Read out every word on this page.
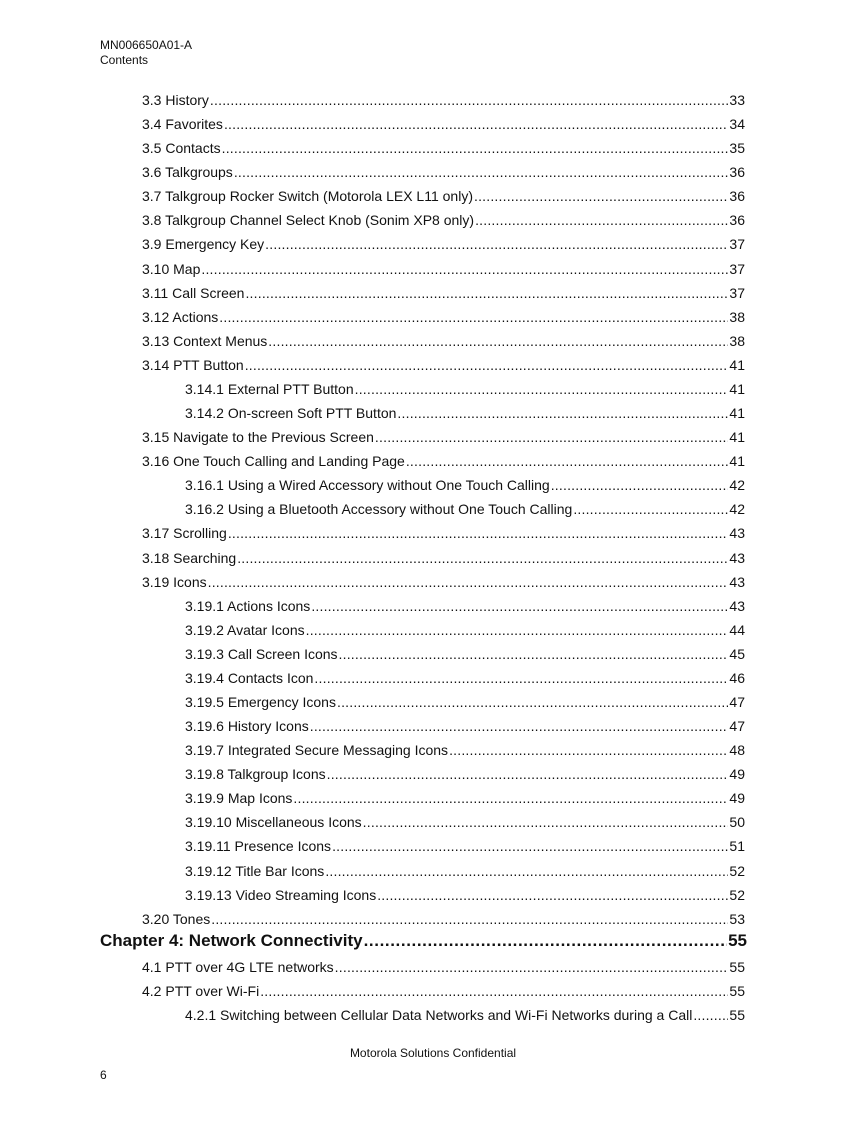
MN006650A01-A
Contents
3.3 History .....	33
3.4 Favorites .....	34
3.5 Contacts .....	35
3.6 Talkgroups .....	36
3.7 Talkgroup Rocker Switch (Motorola LEX L11 only) .....	36
3.8 Talkgroup Channel Select Knob (Sonim XP8 only) .....	36
3.9 Emergency Key .....	37
3.10 Map .....	37
3.11 Call Screen .....	37
3.12 Actions .....	38
3.13 Context Menus .....	38
3.14 PTT Button .....	41
3.14.1 External PTT Button .....	41
3.14.2 On-screen Soft PTT Button .....	41
3.15 Navigate to the Previous Screen .....	41
3.16 One Touch Calling and Landing Page .....	41
3.16.1 Using a Wired Accessory without One Touch Calling .....	42
3.16.2 Using a Bluetooth Accessory without One Touch Calling .....	42
3.17 Scrolling .....	43
3.18 Searching .....	43
3.19 Icons .....	43
3.19.1 Actions Icons .....	43
3.19.2 Avatar Icons .....	44
3.19.3 Call Screen Icons .....	45
3.19.4 Contacts Icon .....	46
3.19.5 Emergency Icons .....	47
3.19.6 History Icons .....	47
3.19.7 Integrated Secure Messaging Icons .....	48
3.19.8 Talkgroup Icons .....	49
3.19.9 Map Icons .....	49
3.19.10 Miscellaneous Icons .....	50
3.19.11 Presence Icons .....	51
3.19.12 Title Bar Icons .....	52
3.19.13 Video Streaming Icons .....	52
3.20 Tones .....	53
Chapter 4: Network Connectivity .....	55
4.1 PTT over 4G LTE networks .....	55
4.2 PTT over Wi-Fi .....	55
4.2.1 Switching between Cellular Data Networks and Wi-Fi Networks during a Call .....	55
Motorola Solutions Confidential
6
